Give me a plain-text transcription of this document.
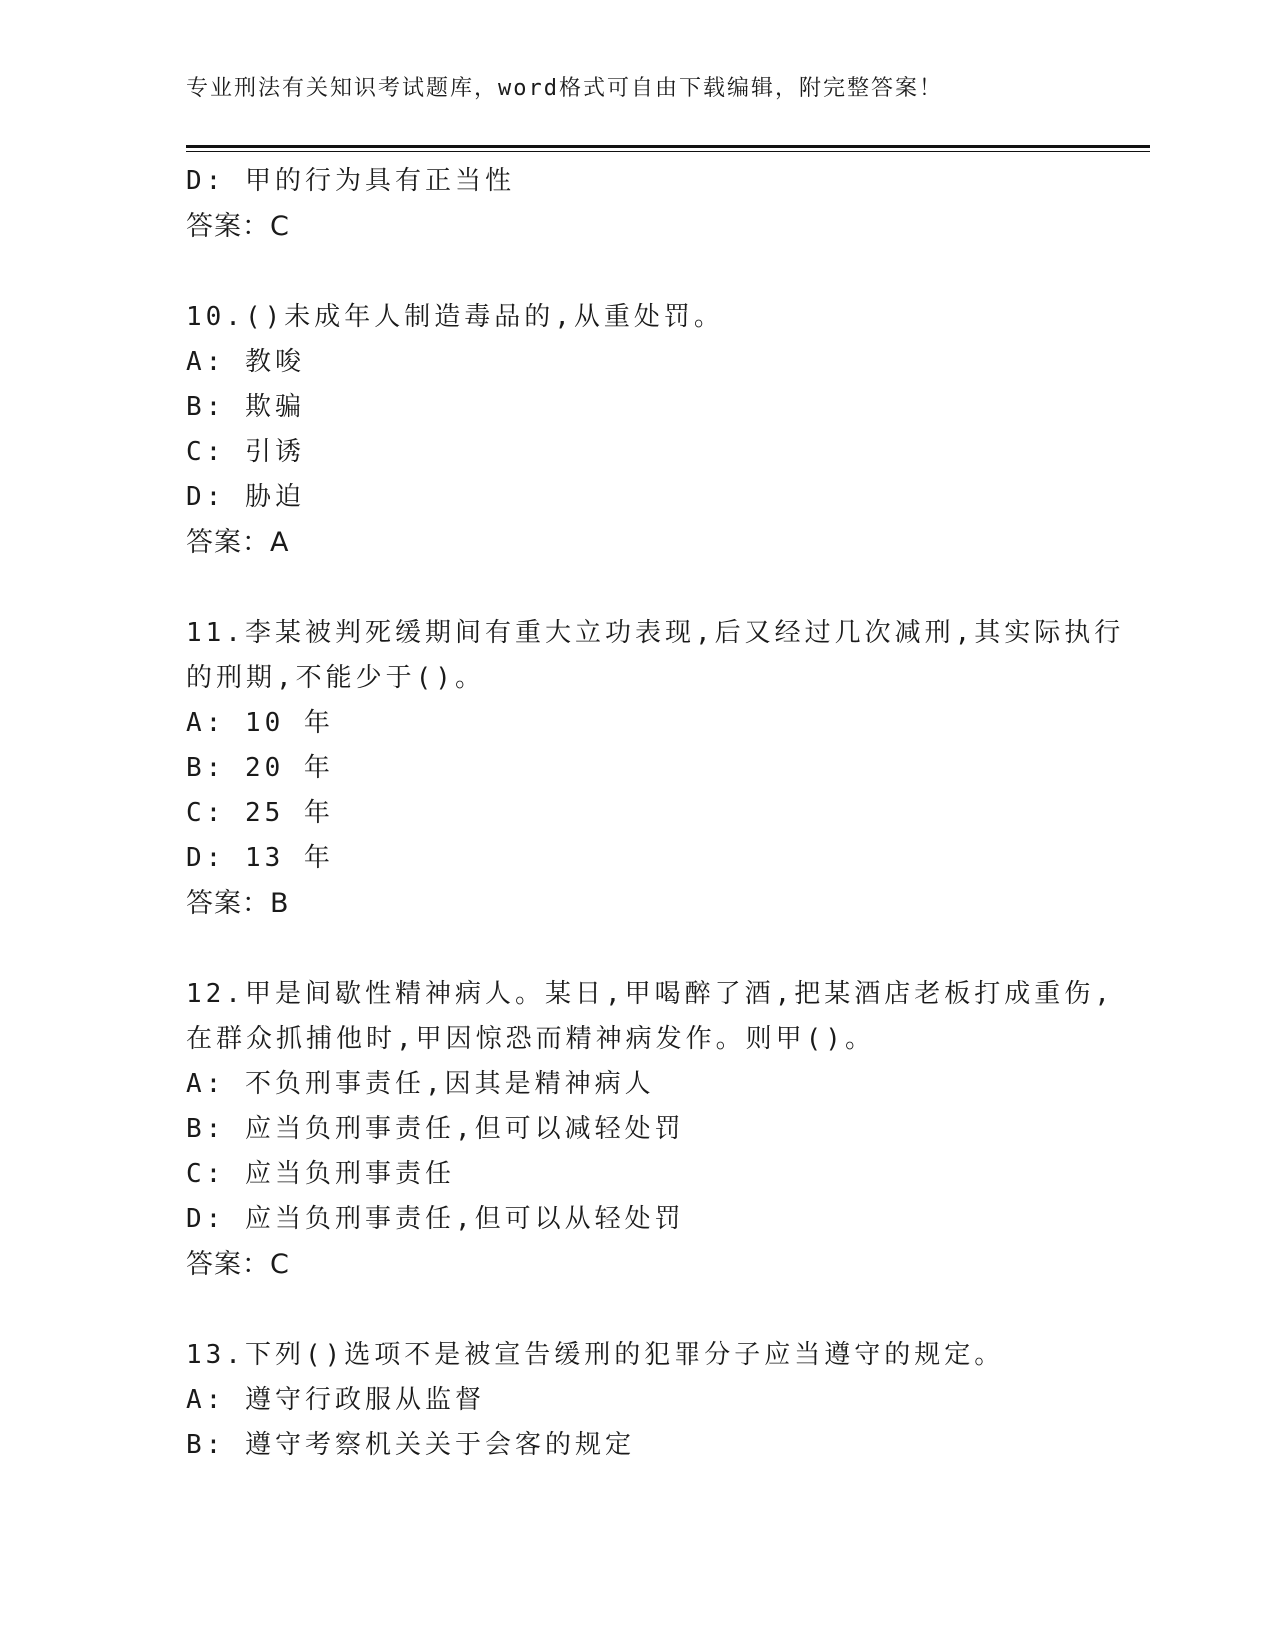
专业刑法有关知识考试题库，word格式可自由下载编辑，附完整答案！
D: 甲的行为具有正当性
答案：C
10.()未成年人制造毒品的,从重处罚。
A: 教唆
B: 欺骗
C: 引诱
D: 胁迫
答案：A
11.李某被判死缓期间有重大立功表现,后又经过几次减刑,其实际执行
的刑期,不能少于()。
A: 10 年
B: 20 年
C: 25 年
D: 13 年
答案：B
12.甲是间歇性精神病人。某日,甲喝醉了酒,把某酒店老板打成重伤,
在群众抓捕他时,甲因惊恐而精神病发作。则甲()。
A: 不负刑事责任,因其是精神病人
B: 应当负刑事责任,但可以减轻处罚
C: 应当负刑事责任
D: 应当负刑事责任,但可以从轻处罚
答案：C
13.下列()选项不是被宣告缓刑的犯罪分子应当遵守的规定。
A: 遵守行政服从监督
B: 遵守考察机关关于会客的规定
